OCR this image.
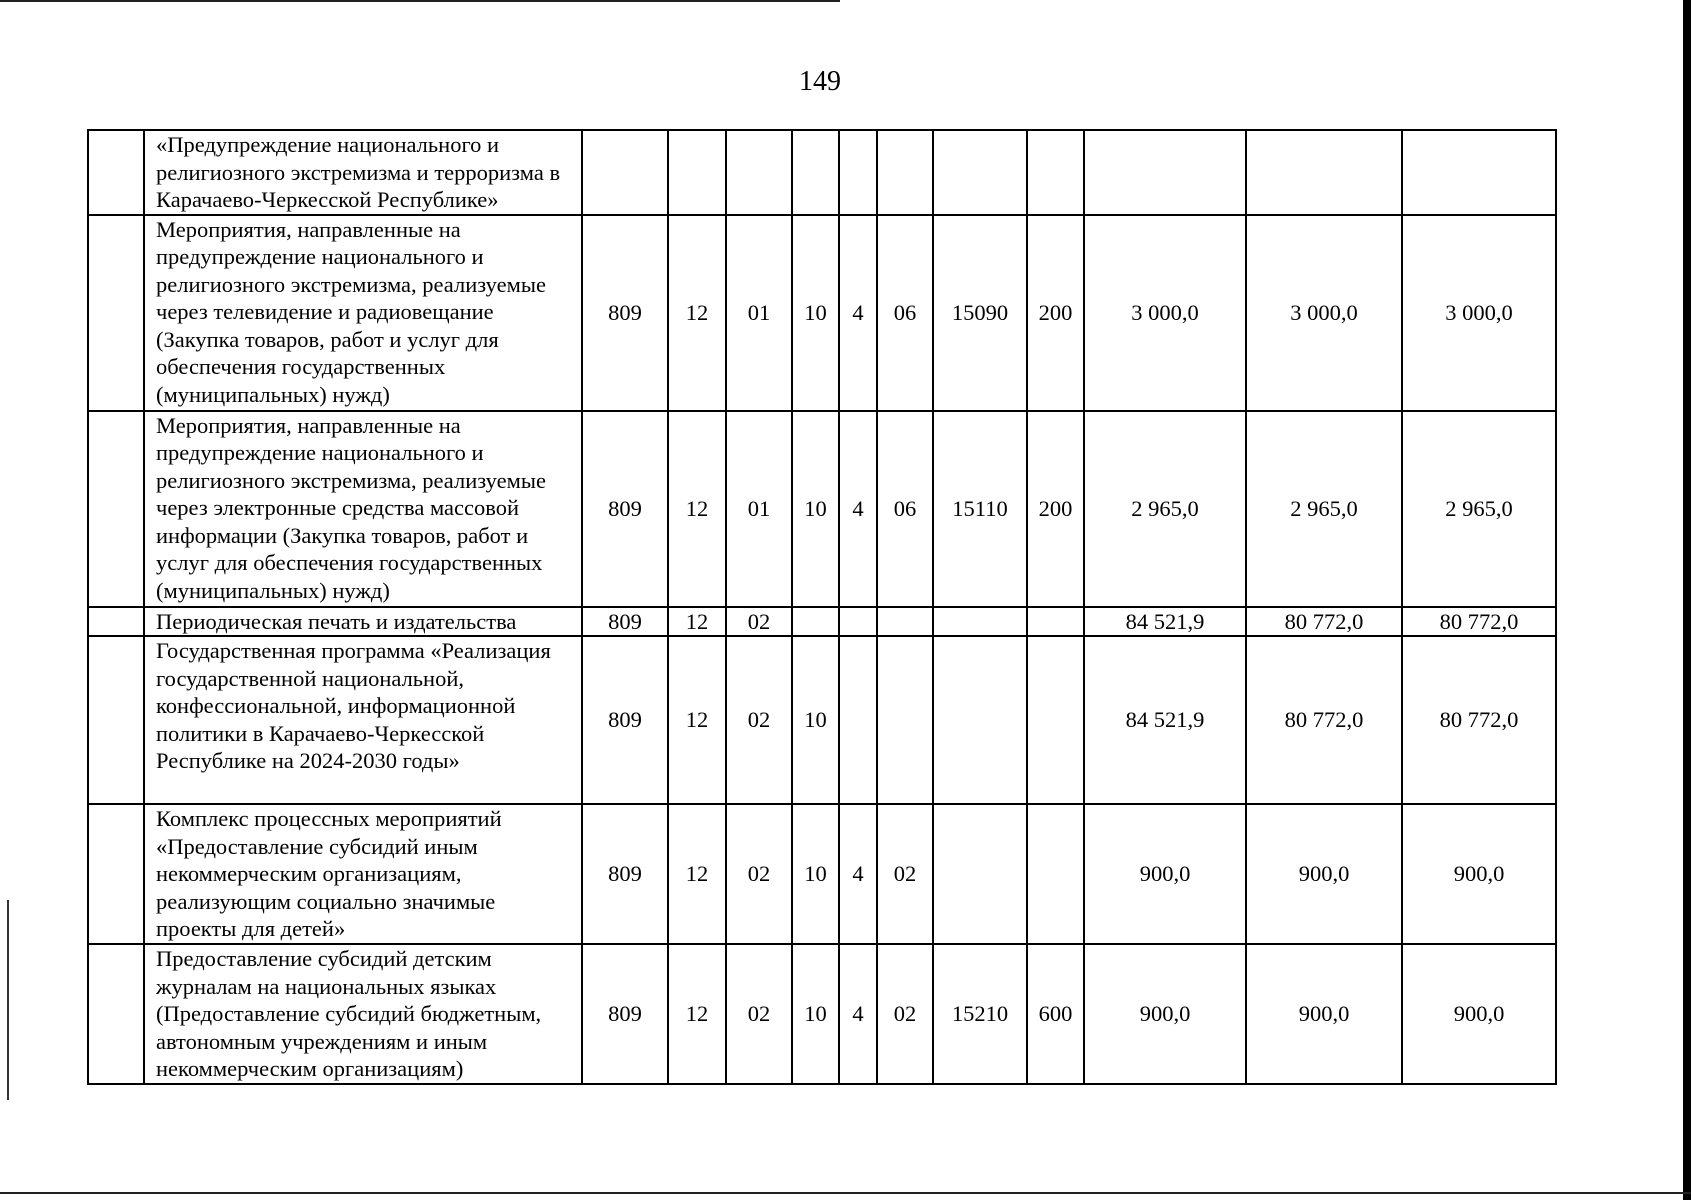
149
	«Предупреждение национального и религиозного экстремизма и терроризма в Карачаево-Черкесской Республике»											
	Мероприятия, направленные на предупреждение национального и религиозного экстремизма, реализуемые через телевидение и радиовещание (Закупка товаров, работ и услуг для обеспечения государственных (муниципальных) нужд)	809	12	01	10	4	06	15090	200	3 000,0	3 000,0	3 000,0
	Мероприятия, направленные на предупреждение национального и религиозного экстремизма, реализуемые через электронные средства массовой информации (Закупка товаров, работ и услуг для обеспечения государственных (муниципальных) нужд)	809	12	01	10	4	06	15110	200	2 965,0	2 965,0	2 965,0
	Периодическая печать и издательства	809	12	02						84 521,9	80 772,0	80 772,0
	Государственная программа «Реализация государственной национальной, конфессиональной, информационной политики в Карачаево-Черкесской Республике на 2024-2030 годы»	809	12	02	10					84 521,9	80 772,0	80 772,0
	Комплекс процессных мероприятий «Предоставление субсидий иным некоммерческим организациям, реализующим социально значимые проекты для детей»	809	12	02	10	4	02			900,0	900,0	900,0
	Предоставление субсидий детским журналам на национальных языках (Предоставление субсидий бюджетным, автономным учреждениям и иным некоммерческим организациям)	809	12	02	10	4	02	15210	600	900,0	900,0	900,0
